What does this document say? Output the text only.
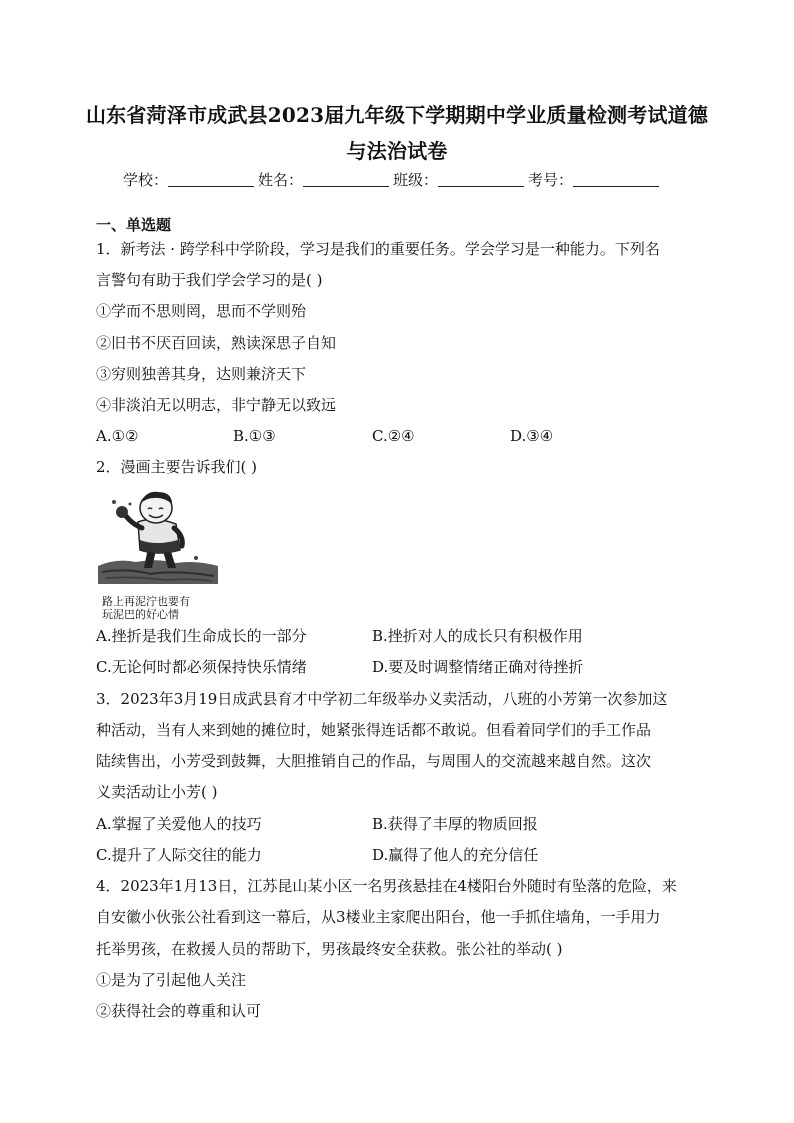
山东省菏泽市成武县2023届九年级下学期期中学业质量检测考试道德
与法治试卷
学校：	姓名：	班级：	考号：
一、单选题
1．新考法 · 跨学科中学阶段，学习是我们的重要任务。学会学习是一种能力。下列名
言警句有助于我们学会学习的是( )
①学而不思则罔，思而不学则殆
②旧书不厌百回读，熟读深思子自知
③穷则独善其身，达则兼济天下
④非淡泊无以明志，非宁静无以致远
A.①②	B.①③	C.②④	D.③④
2．漫画主要告诉我们( )
路上再泥泞也要有
玩泥巴的好心情
A.挫折是我们生命成长的一部分	B.挫折对人的成长只有积极作用
C.无论何时都必须保持快乐情绪	D.要及时调整情绪正确对待挫折
3．2023年3月19日成武县育才中学初二年级举办义卖活动，八班的小芳第一次参加这
种活动，当有人来到她的摊位时，她紧张得连话都不敢说。但看着同学们的手工作品
陆续售出，小芳受到鼓舞，大胆推销自己的作品，与周围人的交流越来越自然。这次
义卖活动让小芳( )
A.掌握了关爱他人的技巧	B.获得了丰厚的物质回报
C.提升了人际交往的能力	D.赢得了他人的充分信任
4．2023年1月13日，江苏昆山某小区一名男孩悬挂在4楼阳台外随时有坠落的危险，来
自安徽小伙张公社看到这一幕后，从3楼业主家爬出阳台，他一手抓住墙角，一手用力
托举男孩，在救援人员的帮助下，男孩最终安全获救。张公社的举动( )
①是为了引起他人关注
②获得社会的尊重和认可
